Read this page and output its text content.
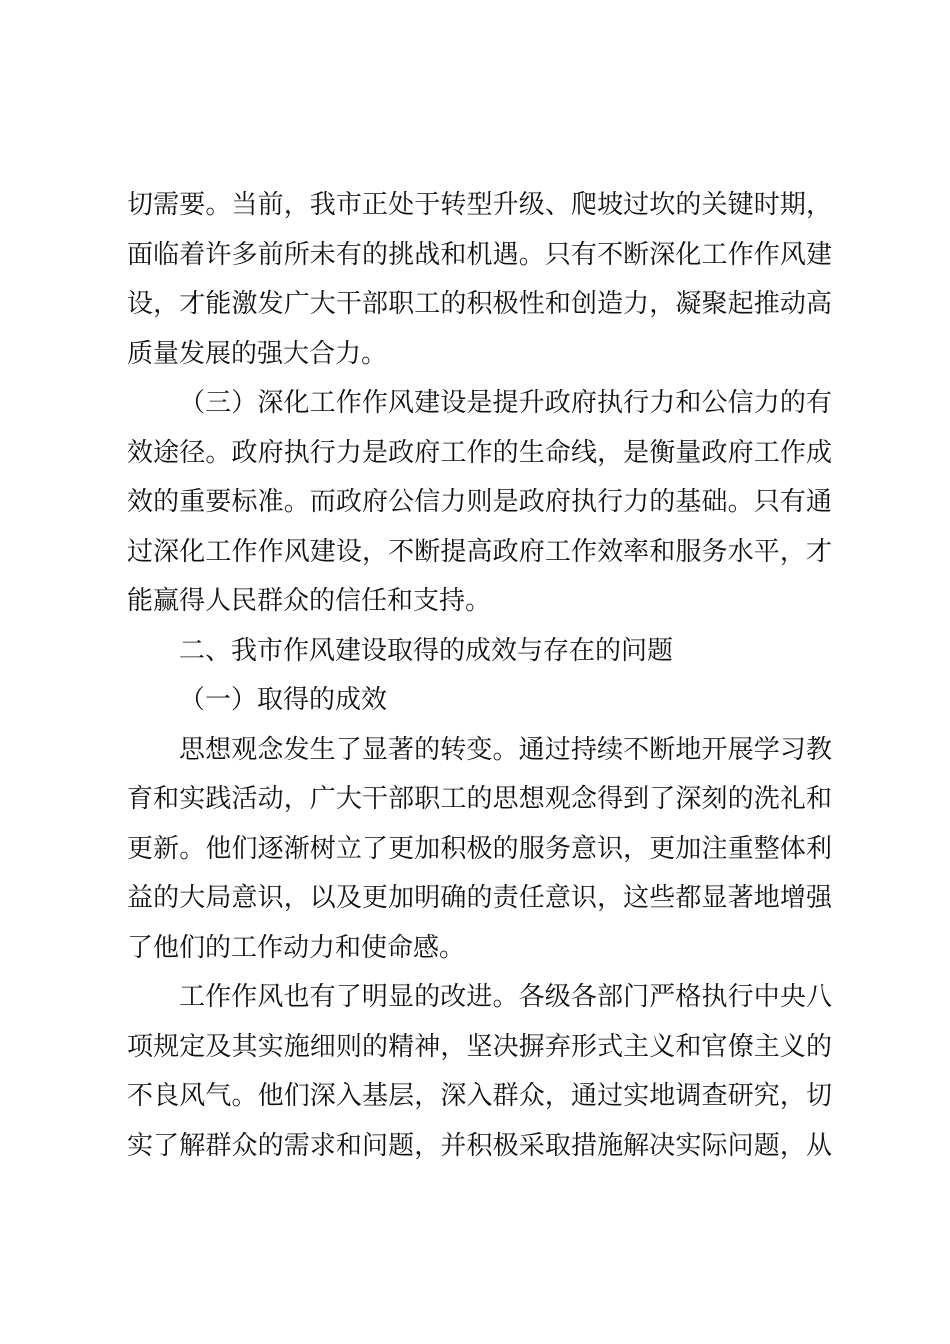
切需要。当前，我市正处于转型升级、爬坡过坎的关键时期，
面临着许多前所未有的挑战和机遇。只有不断深化工作作风建
设，才能激发广大干部职工的积极性和创造力，凝聚起推动高
质量发展的强大合力。
（三）深化工作作风建设是提升政府执行力和公信力的有
效途径。政府执行力是政府工作的生命线，是衡量政府工作成
效的重要标准。而政府公信力则是政府执行力的基础。只有通
过深化工作作风建设，不断提高政府工作效率和服务水平，才
能赢得人民群众的信任和支持。
二、我市作风建设取得的成效与存在的问题
（一）取得的成效
思想观念发生了显著的转变。通过持续不断地开展学习教
育和实践活动，广大干部职工的思想观念得到了深刻的洗礼和
更新。他们逐渐树立了更加积极的服务意识，更加注重整体利
益的大局意识，以及更加明确的责任意识，这些都显著地增强
了他们的工作动力和使命感。
工作作风也有了明显的改进。各级各部门严格执行中央八
项规定及其实施细则的精神，坚决摒弃形式主义和官僚主义的
不良风气。他们深入基层，深入群众，通过实地调查研究，切
实了解群众的需求和问题，并积极采取措施解决实际问题，从
